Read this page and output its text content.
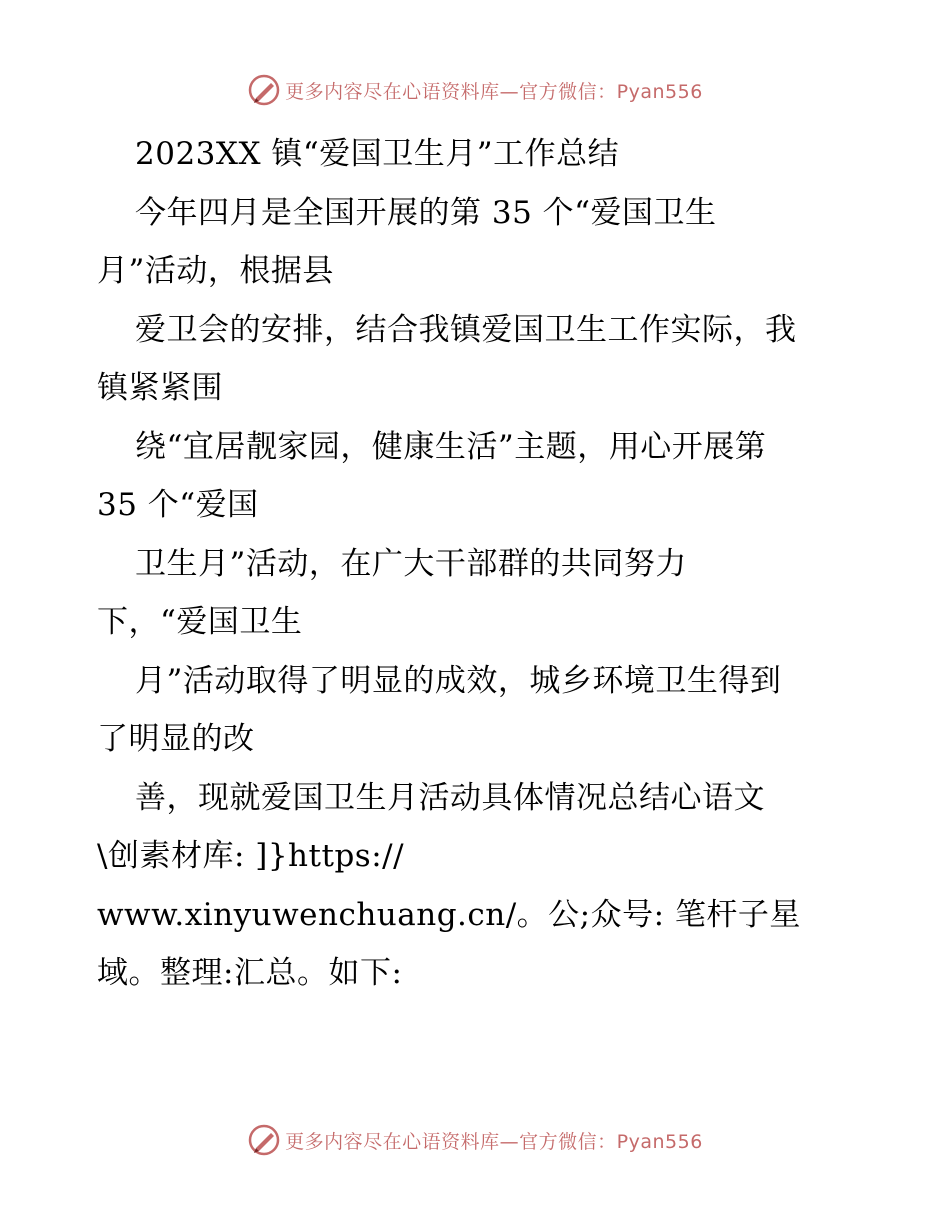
更多内容尽在心语资料库—官方微信：Pyan556
2023XX 镇“爱国卫生月”工作总结
今年四月是全国开展的第 35 个“爱国卫生
月”活动，根据县
爱卫会的安排，结合我镇爱国卫生工作实际，我
镇紧紧围
绕“宜居靓家园，健康生活”主题，用心开展第
35 个“爱国
卫生月”活动，在广大干部群的共同努力
下，“爱国卫生
月”活动取得了明显的成效，城乡环境卫生得到
了明显的改
善，现就爱国卫生月活动具体情况总结心语文
\创素材库: ]}https://
www.xinyuwenchuang.cn/。公;众号: 笔杆子星
域。整理:汇总。如下:
更多内容尽在心语资料库—官方微信：Pyan556
